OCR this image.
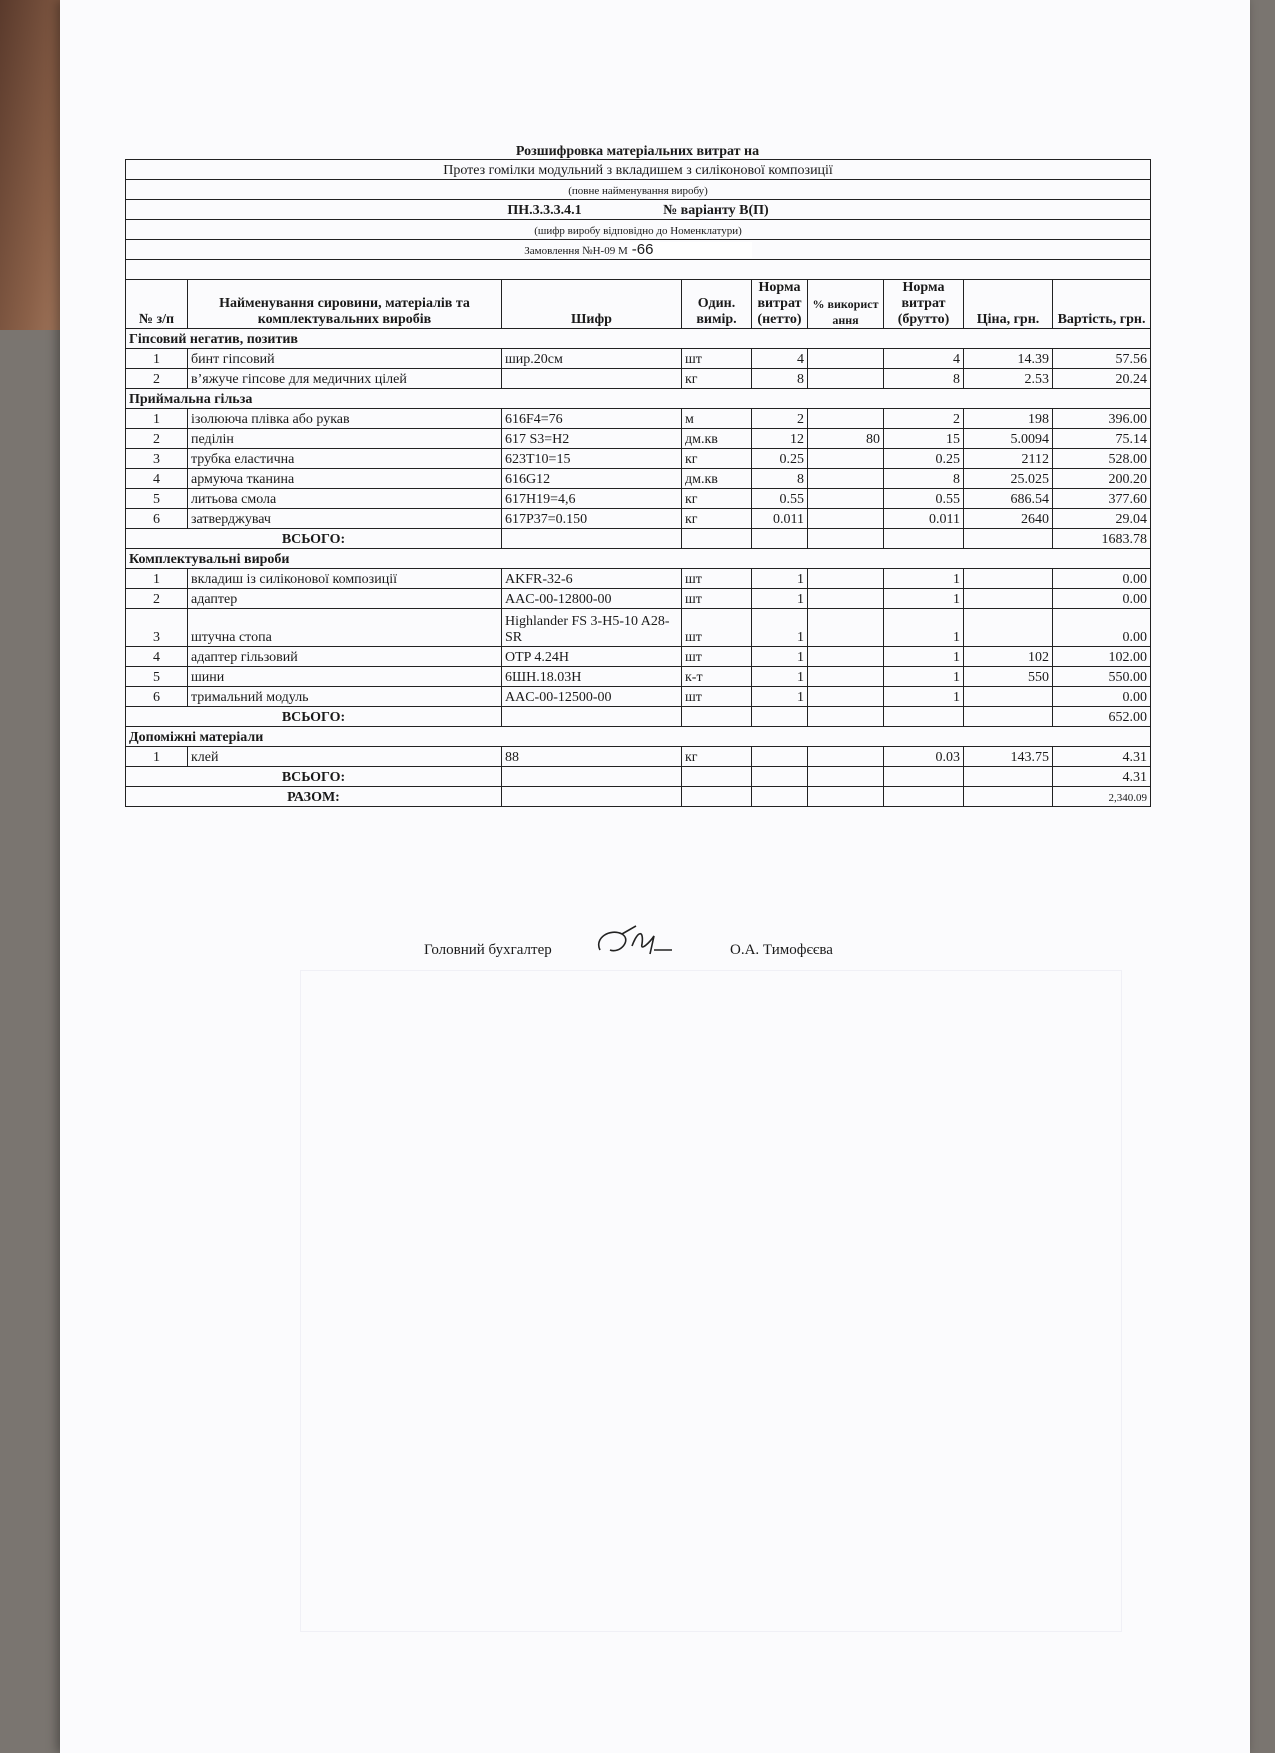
Розшифровка матеріальних витрат на
Протез гомілки модульний з вкладишем з силіконової композиції								
(повне найменування виробу)								
ПН.3.3.3.4.1 № варіанту В(П)								
(шифр виробу відповідно до Номенклатури)								
Замовлення №Н-09 М -66								

№ з/п	Найменування сировини, матеріалів та комплектувальних виробів	Шифр	Один. вимір.	Норма витрат (нетто)	% використ ання	Норма витрат (брутто)	Ціна, грн.	Вартість, грн.
Гіпсовий негатив, позитив								
1	бинт гіпсовий	шир.20см	шт	4		4	14.39	57.56
2	в’яжуче гіпсове для медичних цілей		кг	8		8	2.53	20.24
Приймальна гільза								
1	ізолююча плівка або рукав	616F4=76	м	2		2	198	396.00
2	педілін	617 S3=H2	дм.кв	12	80	15	5.0094	75.14
3	трубка еластична	623T10=15	кг	0.25		0.25	2112	528.00
4	армуюча тканина	616G12	дм.кв	8		8	25.025	200.20
5	литьова смола	617H19=4,6	кг	0.55		0.55	686.54	377.60
6	затверджувач	617P37=0.150	кг	0.011		0.011	2640	29.04
ВСЬОГО:								1683.78
Комплектувальні вироби								
1	вкладиш із силіконової композиції	AKFR-32-6	шт	1		1		0.00
2	адаптер	AAC-00-12800-00	шт	1		1		0.00
3	штучна стопа	Highlander FS 3-H5-10 A28-SR	шт	1		1		0.00
4	адаптер гільзовий	OTP 4.24H	шт	1		1	102	102.00
5	шини	6ШН.18.03Н	к-т	1		1	550	550.00
6	тримальний модуль	AAC-00-12500-00	шт	1		1		0.00
ВСЬОГО:								652.00
Допоміжні матеріали								
1	клей	88	кг			0.03	143.75	4.31
ВСЬОГО:								4.31
РАЗОМ:								2,340.09
Головний бухгалтер	О.А. Тимофєєва
